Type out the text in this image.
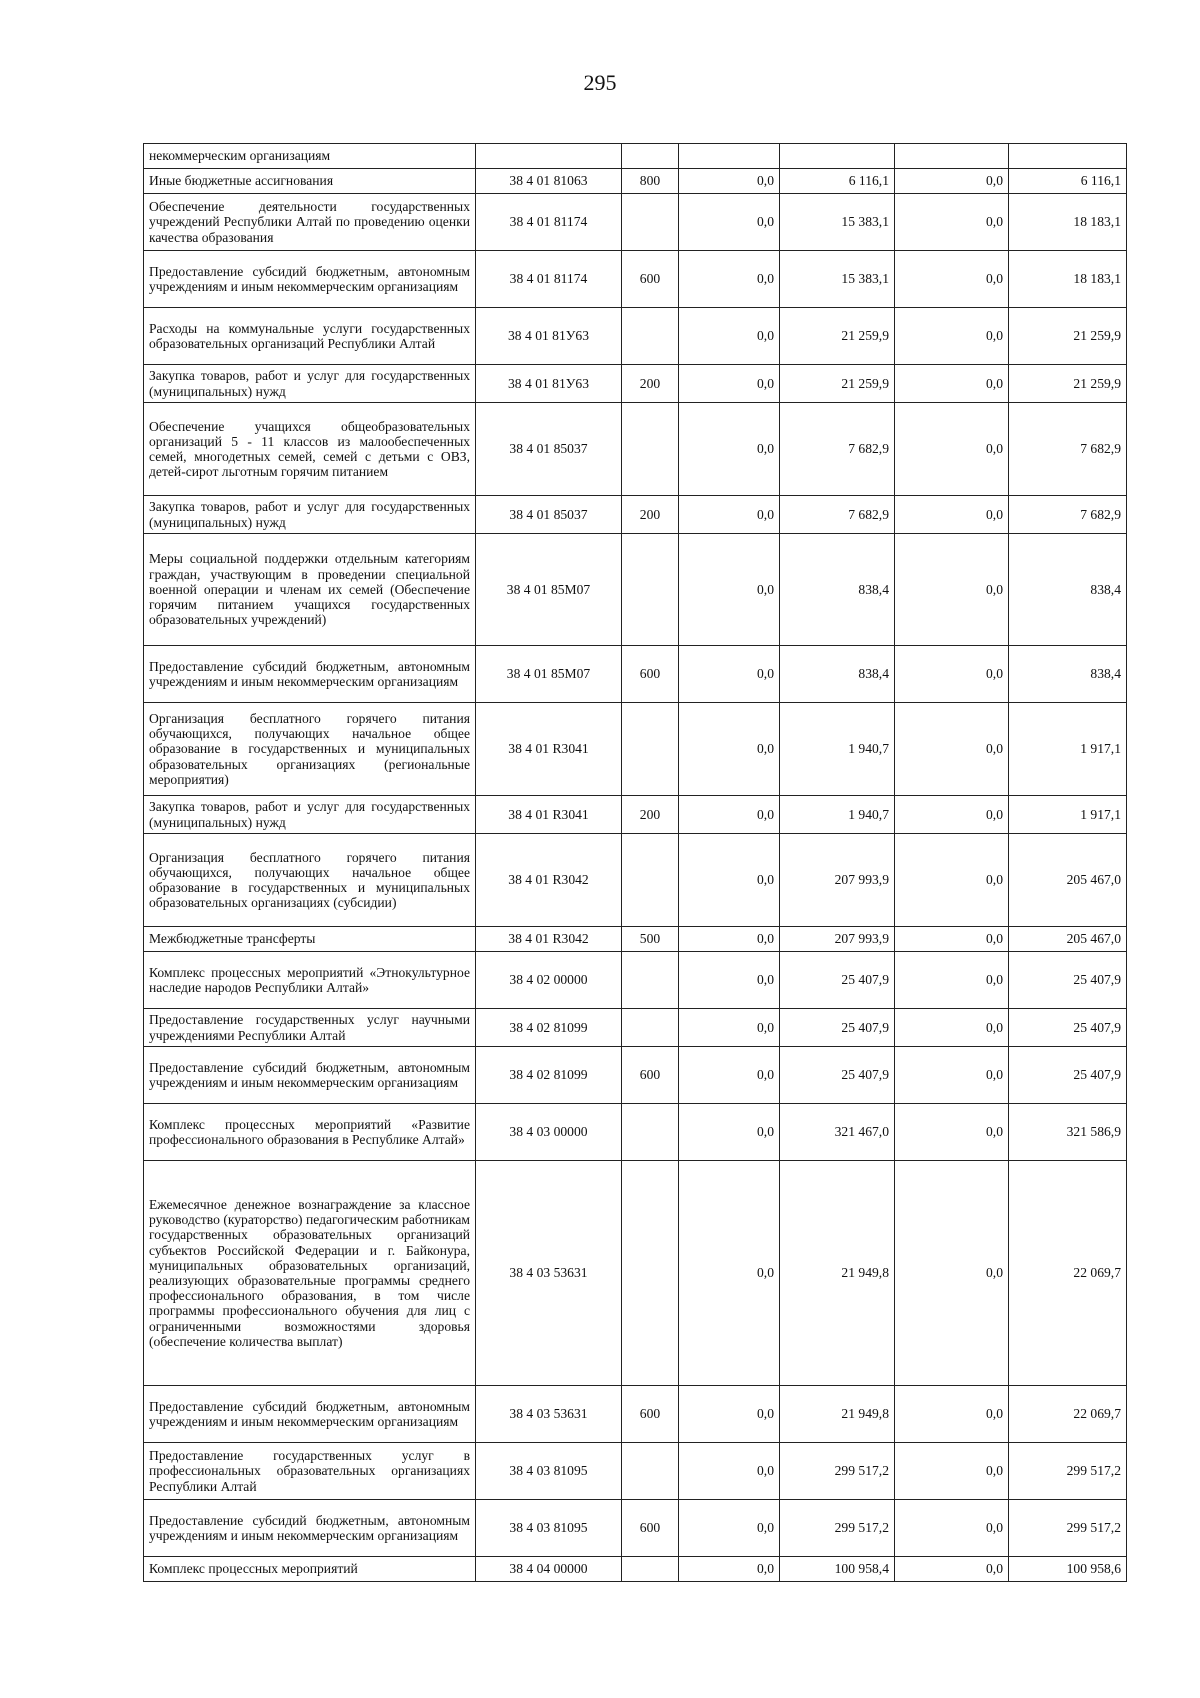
295
некоммерческим организациям						
Иные бюджетные ассигнования	38 4 01 81063	800	0,0	6 116,1	0,0	6 116,1
Обеспечение деятельности государственных учреждений Республики Алтай по проведению оценки качества образования	38 4 01 81174		0,0	15 383,1	0,0	18 183,1
Предоставление субсидий бюджетным, автономным учреждениям и иным некоммерческим организациям	38 4 01 81174	600	0,0	15 383,1	0,0	18 183,1
Расходы на коммунальные услуги государственных образовательных организаций Республики Алтай	38 4 01 81У63		0,0	21 259,9	0,0	21 259,9
Закупка товаров, работ и услуг для государственных (муниципальных) нужд	38 4 01 81У63	200	0,0	21 259,9	0,0	21 259,9
Обеспечение учащихся общеобразовательных организаций 5 - 11 классов из малообеспеченных семей, многодетных семей, семей с детьми с ОВЗ, детей-сирот льготным горячим питанием	38 4 01 85037		0,0	7 682,9	0,0	7 682,9
Закупка товаров, работ и услуг для государственных (муниципальных) нужд	38 4 01 85037	200	0,0	7 682,9	0,0	7 682,9
Меры социальной поддержки отдельным категориям граждан, участвующим в проведении специальной военной операции и членам их семей (Обеспечение горячим питанием учащихся государственных образовательных учреждений)	38 4 01 85М07		0,0	838,4	0,0	838,4
Предоставление субсидий бюджетным, автономным учреждениям и иным некоммерческим организациям	38 4 01 85М07	600	0,0	838,4	0,0	838,4
Организация бесплатного горячего питания обучающихся, получающих начальное общее образование в государственных и муниципальных образовательных организациях (региональные мероприятия)	38 4 01 R3041		0,0	1 940,7	0,0	1 917,1
Закупка товаров, работ и услуг для государственных (муниципальных) нужд	38 4 01 R3041	200	0,0	1 940,7	0,0	1 917,1
Организация бесплатного горячего питания обучающихся, получающих начальное общее образование в государственных и муниципальных образовательных организациях (субсидии)	38 4 01 R3042		0,0	207 993,9	0,0	205 467,0
Межбюджетные трансферты	38 4 01 R3042	500	0,0	207 993,9	0,0	205 467,0
Комплекс процессных мероприятий «Этнокультурное наследие народов Республики Алтай»	38 4 02 00000		0,0	25 407,9	0,0	25 407,9
Предоставление государственных услуг научными учреждениями Республики Алтай	38 4 02 81099		0,0	25 407,9	0,0	25 407,9
Предоставление субсидий бюджетным, автономным учреждениям и иным некоммерческим организациям	38 4 02 81099	600	0,0	25 407,9	0,0	25 407,9
Комплекс процессных мероприятий «Развитие профессионального образования в Республике Алтай»	38 4 03 00000		0,0	321 467,0	0,0	321 586,9
Ежемесячное денежное вознаграждение за классное руководство (кураторство) педагогическим работникам государственных образовательных организаций субъектов Российской Федерации и г. Байконура, муниципальных образовательных организаций, реализующих образовательные программы среднего профессионального образования, в том числе программы профессионального обучения для лиц с ограниченными возможностями здоровья (обеспечение количества выплат)	38 4 03 53631		0,0	21 949,8	0,0	22 069,7
Предоставление субсидий бюджетным, автономным учреждениям и иным некоммерческим организациям	38 4 03 53631	600	0,0	21 949,8	0,0	22 069,7
Предоставление государственных услуг в профессиональных образовательных организациях Республики Алтай	38 4 03 81095		0,0	299 517,2	0,0	299 517,2
Предоставление субсидий бюджетным, автономным учреждениям и иным некоммерческим организациям	38 4 03 81095	600	0,0	299 517,2	0,0	299 517,2
Комплекс процессных мероприятий	38 4 04 00000		0,0	100 958,4	0,0	100 958,6
